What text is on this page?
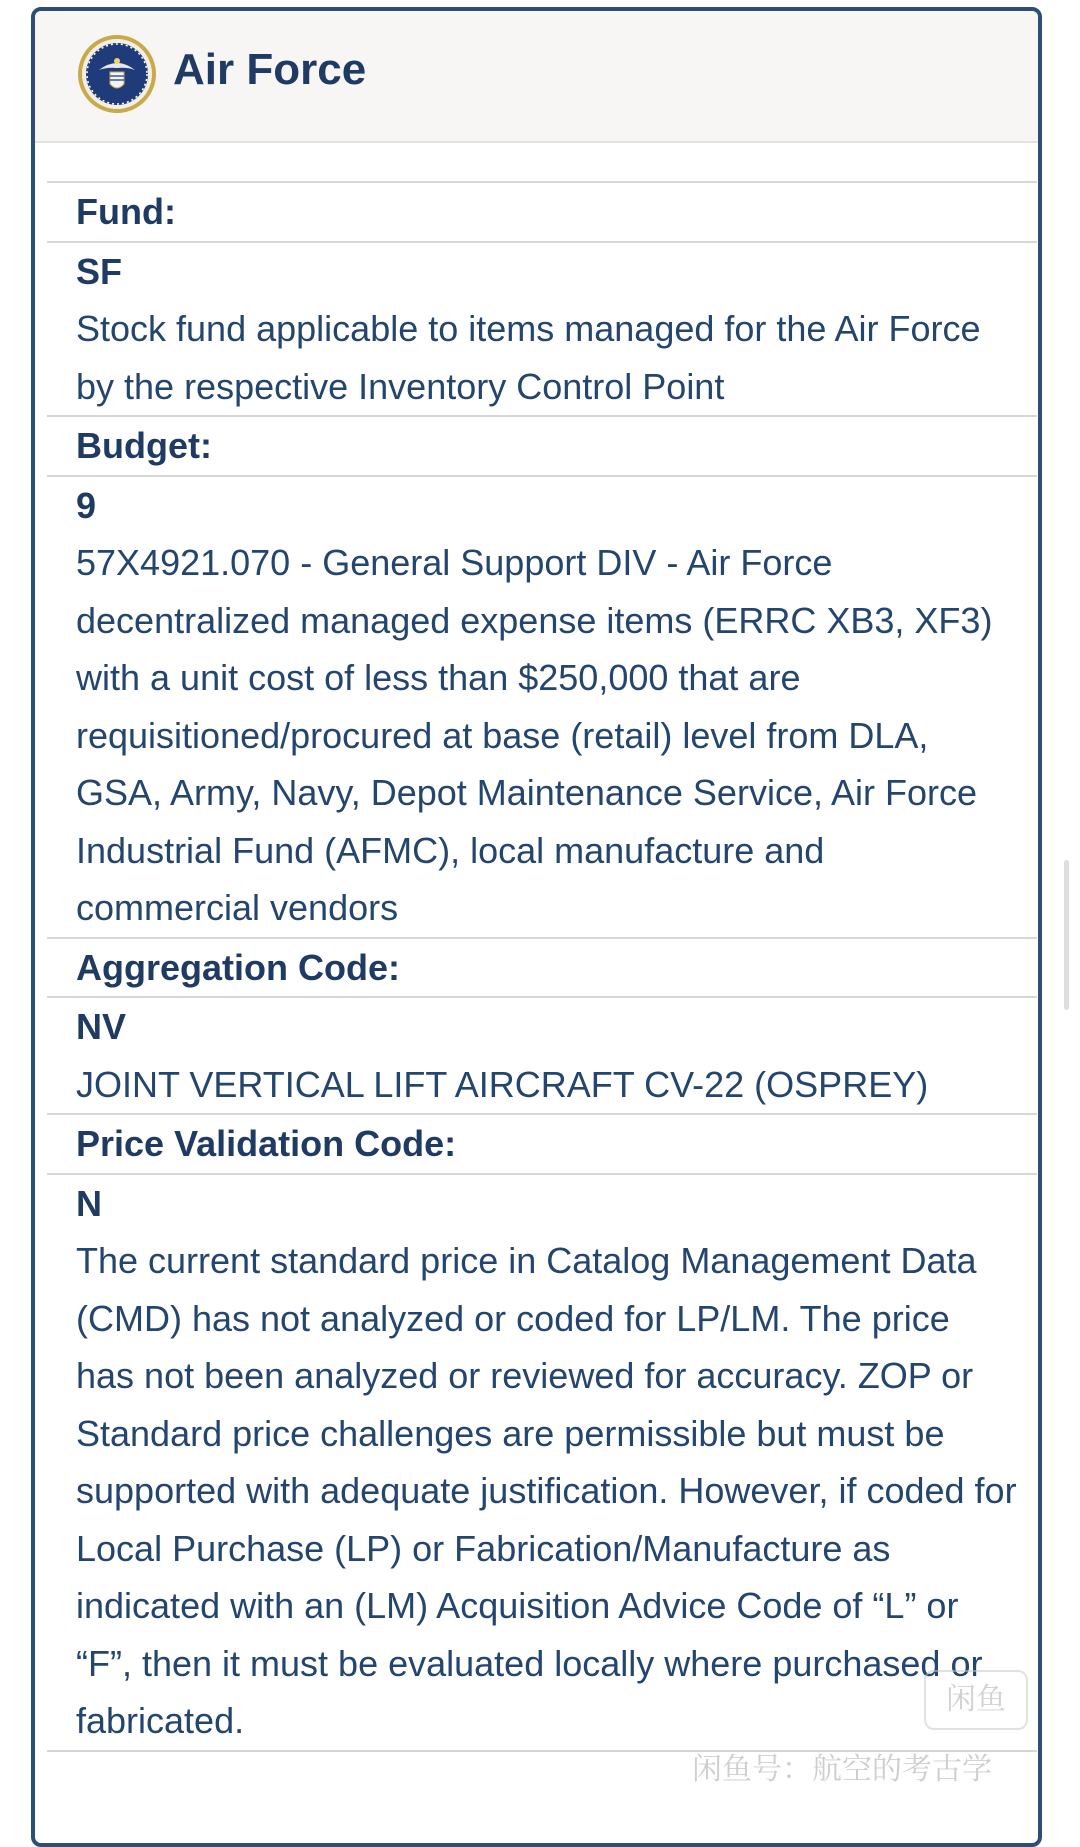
Air Force
Fund:
SF
Stock fund applicable to items managed for the Air Force by the respective Inventory Control Point
Budget:
9
57X4921.070 - General Support DIV - Air Force decentralized managed expense items (ERRC XB3, XF3) with a unit cost of less than $250,000 that are requisitioned/procured at base (retail) level from DLA, GSA, Army, Navy, Depot Maintenance Service, Air Force Industrial Fund (AFMC), local manufacture and commercial vendors
Aggregation Code:
NV
JOINT VERTICAL LIFT AIRCRAFT CV-22 (OSPREY)
Price Validation Code:
N
The current standard price in Catalog Management Data (CMD) has not analyzed or coded for LP/LM. The price has not been analyzed or reviewed for accuracy. ZOP or Standard price challenges are permissible but must be supported with adequate justification. However, if coded for Local Purchase (LP) or Fabrication/Manufacture as indicated with an (LM) Acquisition Advice Code of “L” or “F”, then it must be evaluated locally where purchased or fabricated.
闲鱼
闲鱼号：航空的考古学
